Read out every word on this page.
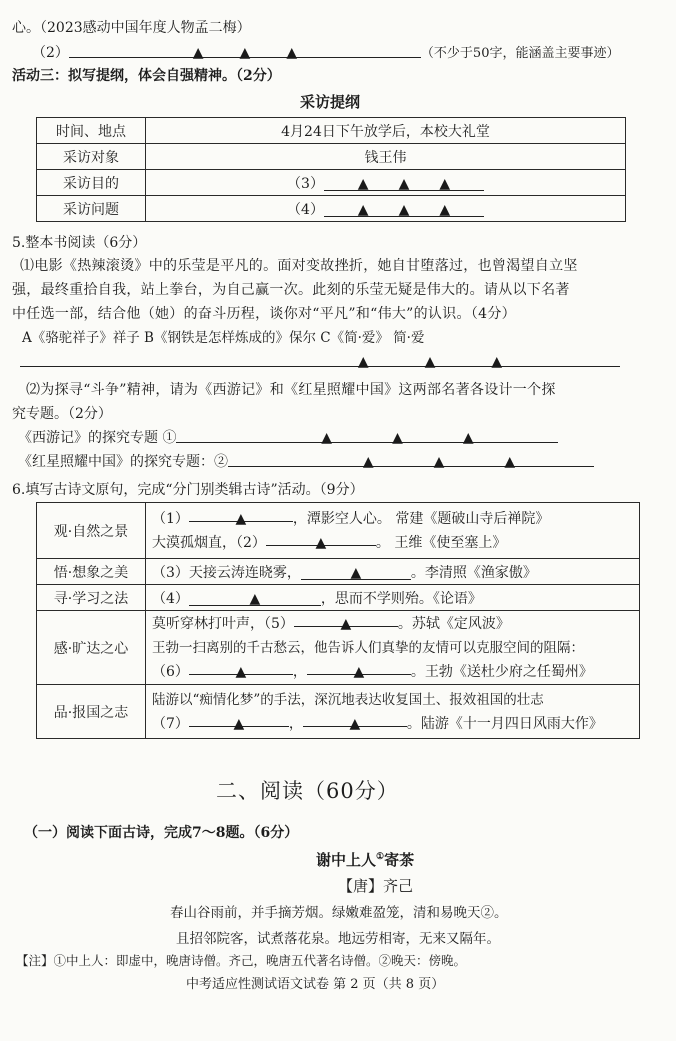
心。（2023感动中国年度人物孟二梅）
（2）	▲	▲	▲	（不少于50字，能涵盖主要事迹）
活动三：拟写提纲，体会自强精神。（2分）
采访提纲
时间、地点	4月24日下午放学后，本校大礼堂
采访对象	钱王伟
采访目的	（3） ▲ ▲ ▲
采访问题	（4） ▲ ▲ ▲
5.整本书阅读（6分）
⑴电影《热辣滚烫》中的乐莹是平凡的。面对变故挫折，她自甘堕落过，也曾渴望自立坚
强，最终重拾自我，站上拳台，为自己赢一次。此刻的乐莹无疑是伟大的。请从以下名著
中任选一部，结合他（她）的奋斗历程，谈你对“平凡”和“伟大”的认识。（4分）
A《骆驼祥子》祥子 B《钢铁是怎样炼成的》保尔 C《简·爱》 简·爱
▲	▲	▲
⑵为探寻“斗争”精神，请为《西游记》和《红星照耀中国》这两部名著各设计一个探
究专题。（2分）
《西游记》的探究专题 ①	▲	▲	▲
《红星照耀中国》的探究专题：②	▲	▲	▲
6.填写古诗文原句，完成“分门别类辑古诗”活动。（9分）
观·自然之景	（1） ▲ ，潭影空人心。 常建《题破山寺后禅院》
大漠孤烟直，（2） ▲ 。 王维《使至塞上》

悟·想象之美	（3）天接云涛连晓雾， ▲ 。李清照《渔家傲》
寻·学习之法	（4） ▲ ，思而不学则殆。《论语》
感·旷达之心	莫听穿林打叶声，（5） ▲ 。苏轼《定风波》
王勃一扫离别的千古愁云，他告诉人们真挚的友情可以克服空间的阻隔：
（6） ▲ ， ▲ 。王勃《送杜少府之任蜀州》

品·报国之志	陆游以“痴情化梦”的手法，深沉地表达收复国土、报效祖国的壮志
（7） ▲ ， ▲ 。陆游《十一月四日风雨大作》
二、阅读（60分）
（一）阅读下面古诗，完成7～8题。（6分）
谢中上人①寄茶
【唐】齐己
春山谷雨前，并手摘芳烟。绿嫩难盈笼，清和易晚天②。
且招邻院客，试煮落花泉。地远劳相寄，无来又隔年。
【注】①中上人：即虚中，晚唐诗僧。齐己，晚唐五代著名诗僧。②晚天：傍晚。
中考适应性测试语文试卷 第 2 页（共 8 页）
